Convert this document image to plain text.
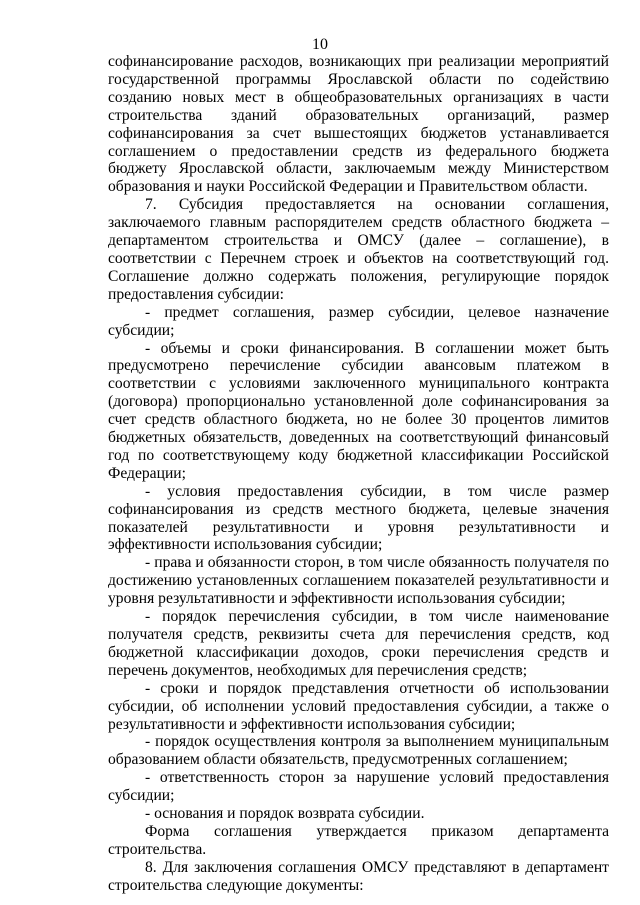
10

софинансирование расходов, возникающих при реализации мероприятий государственной программы Ярославской области по содействию созданию новых мест в общеобразовательных организациях в части строительства зданий образовательных организаций, размер софинансирования за счет вышестоящих бюджетов устанавливается соглашением о предоставлении средств из федерального бюджета бюджету Ярославской области, заключаемым между Министерством образования и науки Российской Федерации и Правительством области.

7. Субсидия предоставляется на основании соглашения, заключаемого главным распорядителем средств областного бюджета – департаментом строительства и ОМСУ (далее – соглашение), в соответствии с Перечнем строек и объектов на соответствующий год. Соглашение должно содержать положения, регулирующие порядок предоставления субсидии:

- предмет соглашения, размер субсидии, целевое назначение субсидии;

- объемы и сроки финансирования. В соглашении может быть предусмотрено перечисление субсидии авансовым платежом в соответствии с условиями заключенного муниципального контракта (договора) пропорционально установленной доле софинансирования за счет средств областного бюджета, но не более 30 процентов лимитов бюджетных обязательств, доведенных на соответствующий финансовый год по соответствующему коду бюджетной классификации Российской Федерации;

- условия предоставления субсидии, в том числе размер софинансирования из средств местного бюджета, целевые значения показателей результативности и уровня результативности и эффективности использования субсидии;

- права и обязанности сторон, в том числе обязанность получателя по достижению установленных соглашением показателей результативности и уровня результативности и эффективности использования субсидии;

- порядок перечисления субсидии, в том числе наименование получателя средств, реквизиты счета для перечисления средств, код бюджетной классификации доходов, сроки перечисления средств и перечень документов, необходимых для перечисления средств;

- сроки и порядок представления отчетности об использовании субсидии, об исполнении условий предоставления субсидии, а также о результативности и эффективности использования субсидии;

- порядок осуществления контроля за выполнением муниципальным образованием области обязательств, предусмотренных соглашением;

- ответственность сторон за нарушение условий предоставления субсидии;

- основания и порядок возврата субсидии.

Форма соглашения утверждается приказом департамента строительства.

8. Для заключения соглашения ОМСУ представляют в департамент строительства следующие документы:
